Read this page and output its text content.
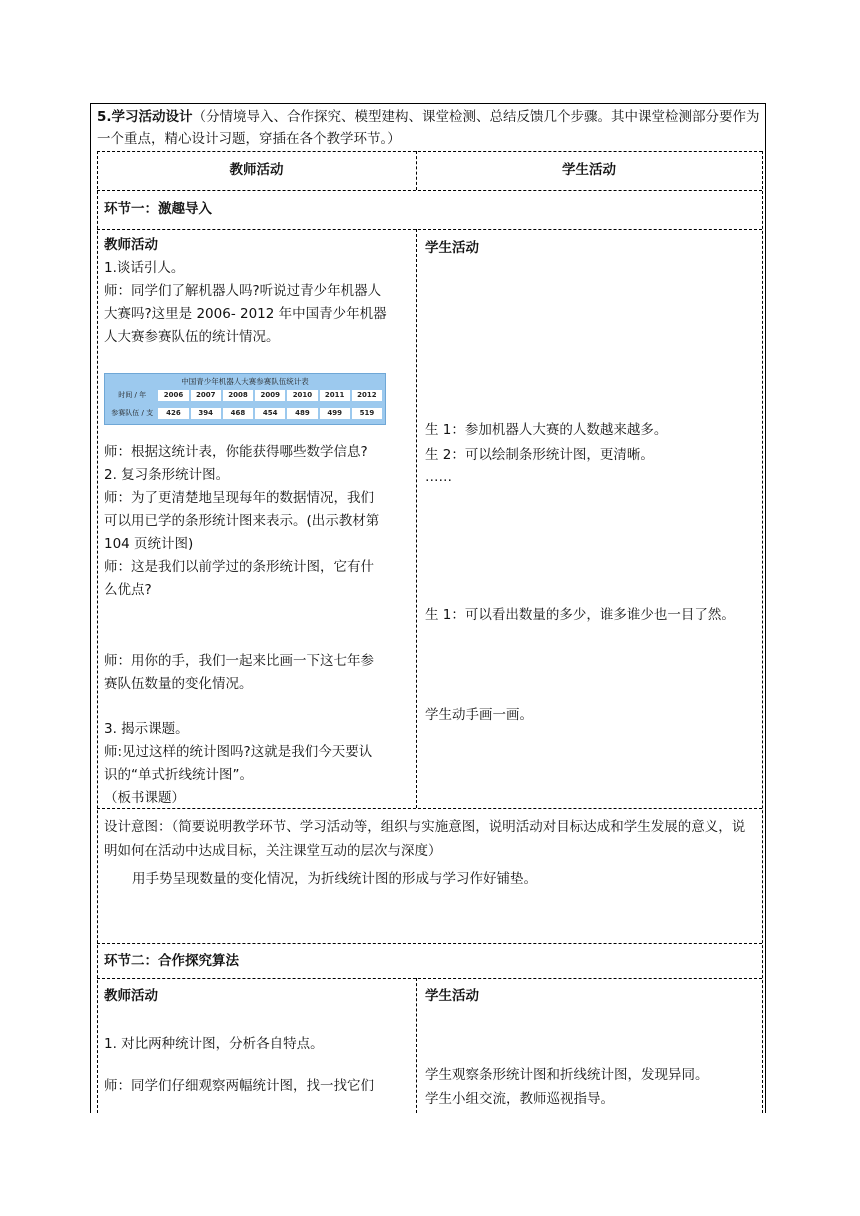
5.学习活动设计（分情境导入、合作探究、模型建构、课堂检测、总结反馈几个步骤。其中课堂检测部分要作为一个重点，精心设计习题，穿插在各个教学环节。）
教师活动	学生活动
环节一：激趣导入
教师活动
1.谈话引人。
师：同学们了解机器人吗?听说过青少年机器人
大赛吗?这里是 2006- 2012 年中国青少年机器
人大赛参赛队伍的统计情况。
中国青少年机器人大赛参赛队伍统计表
时间 / 年	2006	2007	2008	2009	2010	2011	2012
参赛队伍 / 支	426	394	468	454	489	499	519
师：根据这统计表，你能获得哪些数学信息?
2. 复习条形统计图。
师：为了更清楚地呈现每年的数据情况，我们
可以用已学的条形统计图来表示。(出示教材第
104 页统计图)
师：这是我们以前学过的条形统计图，它有什
么优点?
师：用你的手，我们一起来比画一下这七年参
赛队伍数量的变化情况。
3. 揭示课题。
师:见过这样的统计图吗?这就是我们今天要认
识的“单式折线统计图”。
（板书课题）
学生活动
生 1：参加机器人大赛的人数越来越多。
生 2：可以绘制条形统计图，更清晰。
……
生 1：可以看出数量的多少，谁多谁少也一目了然。
学生动手画一画。
设计意图：（简要说明教学环节、学习活动等，组织与实施意图，说明活动对目标达成和学生发展的意义，说明如何在活动中达成目标，关注课堂互动的层次与深度）
用手势呈现数量的变化情况，为折线统计图的形成与学习作好铺垫。
环节二：合作探究算法
教师活动
1. 对比两种统计图，分析各自特点。
师：同学们仔细观察两幅统计图，找一找它们
学生活动
学生观察条形统计图和折线统计图，发现异同。
学生小组交流，教师巡视指导。
